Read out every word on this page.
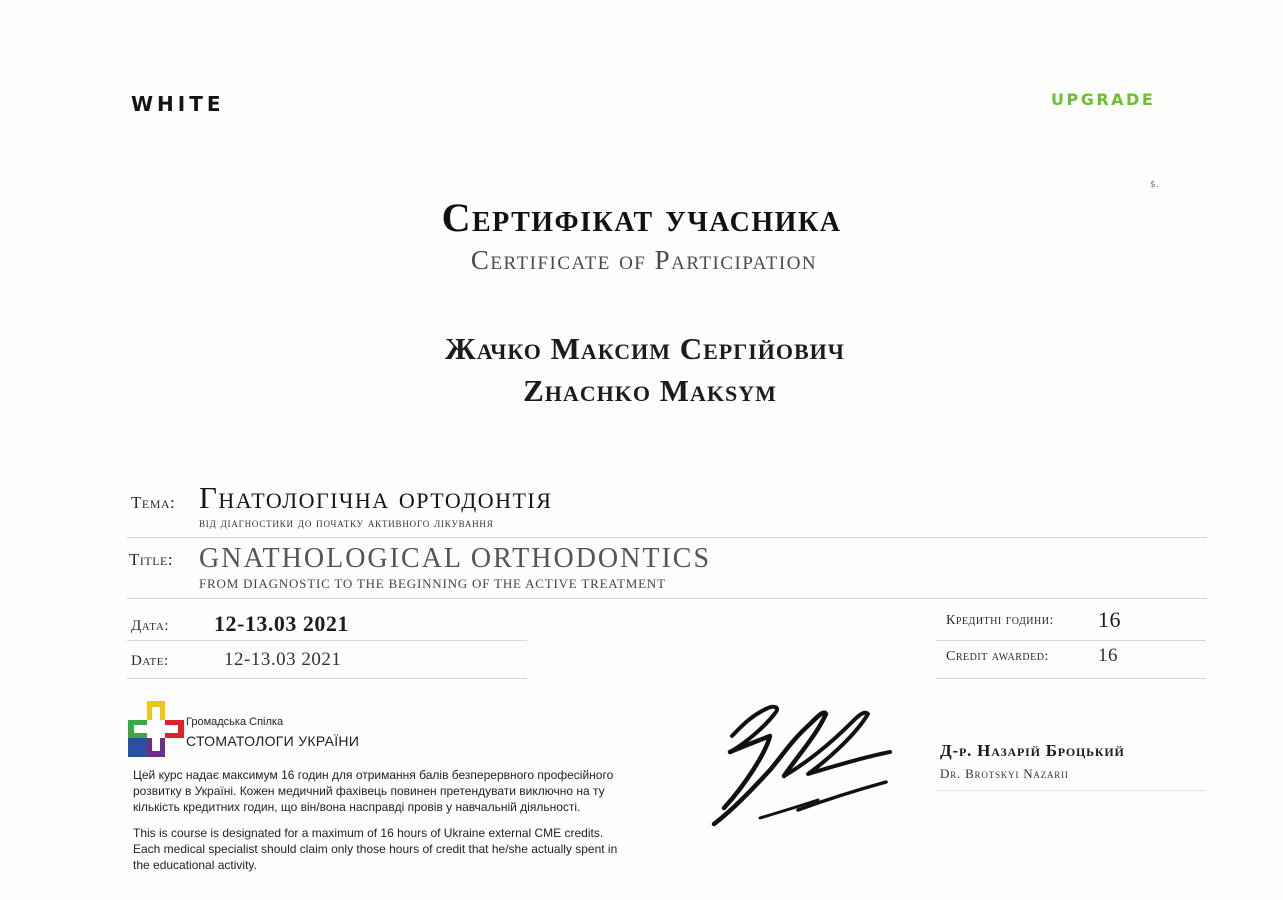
WHITE	UPGRADE
$.
Сертифікат учасника
Certificate of Participation
Жачко Максим Сергійович
Zhachko Maksym
Тема: Гнатологічна ортодонтія
від діагностики до початку активного лікування
Title: GNATHOLOGICAL ORTHODONTICS
FROM DIAGNOSTIC TO THE BEGINNING OF THE ACTIVE TREATMENT
Дата: 12-13.03 2021
Date:	12-13.03 2021
Кредитні години: 16
Credit awarded:	16
Громадська Спілка
СТОМАТОЛОГИ УКРАЇНИ
Цей курс надає максимум 16 годин для отримання балів безперервного професійного
розвитку в Україні. Кожен медичний фахівець повинен претендувати виключно на ту
кількість кредитних годин, що він/вона насправді провів у навчальній діяльності.
This is course is designated for a maximum of 16 hours of Ukraine external CME credits.
Each medical specialist should claim only those hours of credit that he/she actually spent in
the educational activity.
Д-р. Назарій Броцький
Dr. Brotskyi Nazarii
